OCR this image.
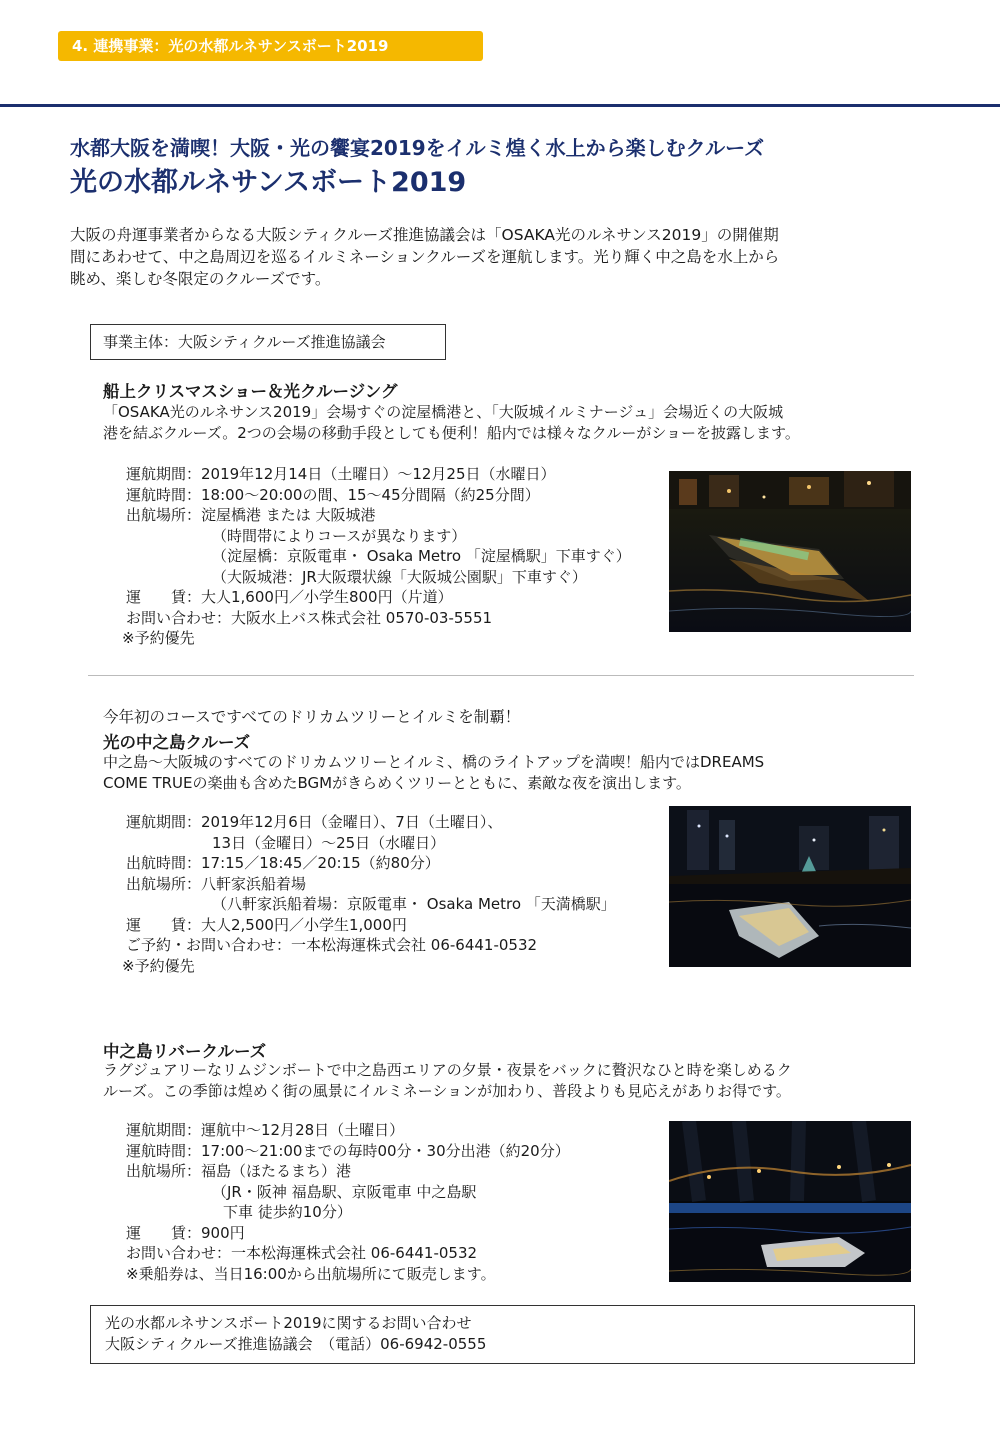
4. 連携事業：光の水都ルネサンスボート2019
水都大阪を満喫！大阪・光の饗宴2019をイルミ煌く水上から楽しむクルーズ
光の水都ルネサンスボート2019
大阪の舟運事業者からなる大阪シティクルーズ推進協議会は「OSAKA光のルネサンス2019」の開催期
間にあわせて、中之島周辺を巡るイルミネーションクルーズを運航します。光り輝く中之島を水上から
眺め、楽しむ冬限定のクルーズです。
事業主体：大阪シティクルーズ推進協議会
船上クリスマスショー＆光クルージング
「OSAKA光のルネサンス2019」会場すぐの淀屋橋港と、「大阪城イルミナージュ」会場近くの大阪城
港を結ぶクルーズ。2つの会場の移動手段としても便利！船内では様々なクルーがショーを披露します。
運航期間：2019年12月14日（土曜日）～12月25日（水曜日）
運航時間：18:00～20:00の間、15～45分間隔（約25分間）
出航場所：淀屋橋港 または 大阪城港
（時間帯によりコースが異なります）
（淀屋橋：京阪電車・ Osaka Metro 「淀屋橋駅」下車すぐ）
（大阪城港：JR大阪環状線「大阪城公園駅」下車すぐ）
運　　賃：大人1,600円／小学生800円（片道）
お問い合わせ：大阪水上バス株式会社 0570-03-5551
※予約優先
今年初のコースですべてのドリカムツリーとイルミを制覇！
光の中之島クルーズ
中之島～大阪城のすべてのドリカムツリーとイルミ、橋のライトアップを満喫！船内ではDREAMS
COME TRUEの楽曲も含めたBGMがきらめくツリーとともに、素敵な夜を演出します。
運航期間：2019年12月6日（金曜日）、7日（土曜日）、
13日（金曜日）～25日（水曜日）
出航時間：17:15／18:45／20:15（約80分）
出航場所：八軒家浜船着場
（八軒家浜船着場：京阪電車・ Osaka Metro 「天満橋駅」
運　　賃：大人2,500円／小学生1,000円
ご予約・お問い合わせ：一本松海運株式会社 06-6441-0532
※予約優先
中之島リバークルーズ
ラグジュアリーなリムジンボートで中之島西エリアの夕景・夜景をバックに贅沢なひと時を楽しめるク
ルーズ。この季節は煌めく街の風景にイルミネーションが加わり、普段よりも見応えがありお得です。
運航期間：運航中～12月28日（土曜日）
運航時間：17:00～21:00までの毎時00分・30分出港（約20分）
出航場所：福島（ほたるまち）港
（JR・阪神 福島駅、京阪電車 中之島駅
下車 徒歩約10分）
運　　賃：900円
お問い合わせ：一本松海運株式会社 06-6441-0532
※乗船券は、当日16:00から出航場所にて販売します。
光の水都ルネサンスボート2019に関するお問い合わせ
大阪シティクルーズ推進協議会　（電話）06-6942-0555
